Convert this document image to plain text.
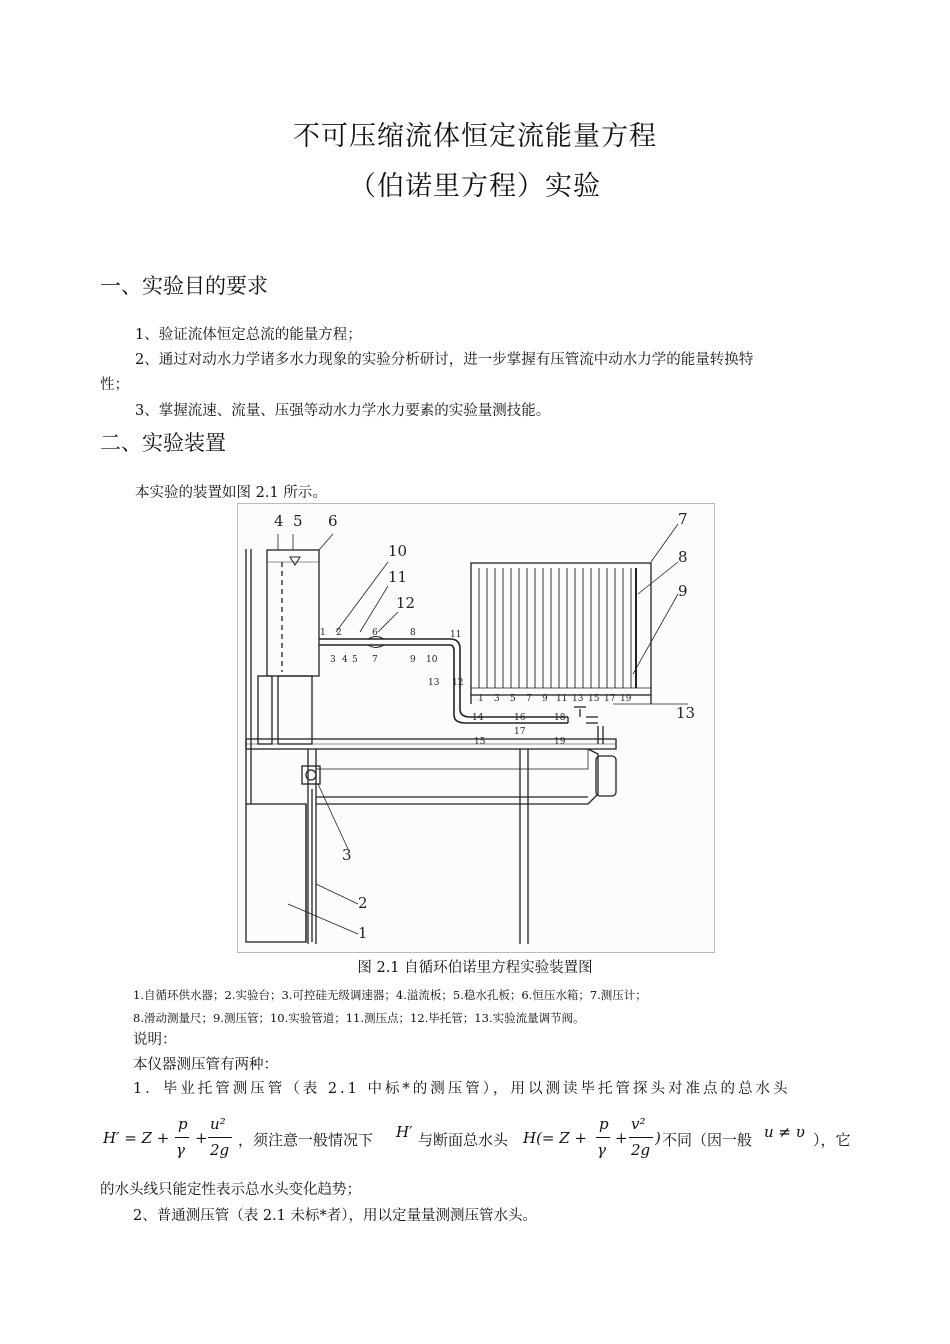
不可压缩流体恒定流能量方程
（伯诺里方程）实验
一、实验目的要求

1、验证流体恒定总流的能量方程；

2、通过对动水力学诸多水力现象的实验分析研讨，进一步掌握有压管流中动水力学的能量转换特

性；

3、掌握流速、流量、压强等动水力学水力要素的实验量测技能。

二、实验装置

本实验的装置如图 2.1 所示。

4 5 6
10
11
12
7
8
9
13
3
2
1
1 2	6	8	11
3 4 5 7	9 10
13 12
14	16	18
15
17
19
1 3 5 7 9 11 13 15 17 19
图 2.1 自循环伯诺里方程实验装置图

1.自循环供水器；2.实验台；3.可控硅无级调速器；4.溢流板；5.稳水孔板；6.恒压水箱；7.测压计；

8.滑动测量尺；9.测压管；10.实验管道；11.测压点；12.毕托管；13.实验流量调节阀。

说明：

本仪器测压管有两种：

1．毕业托管测压管（表 2.1 中标*的测压管），用以测读毕托管探头对准点的总水头

H′ = Z +
p
γ
+
u²
2g
，须注意一般情况下 H′ 与断面总水头 H(= Z +
p
γ
+
v²
2g
) 不同（因一般 u ≠ υ ），它

的水头线只能定性表示总水头变化趋势；

2、普通测压管（表 2.1 未标*者），用以定量量测测压管水头。
